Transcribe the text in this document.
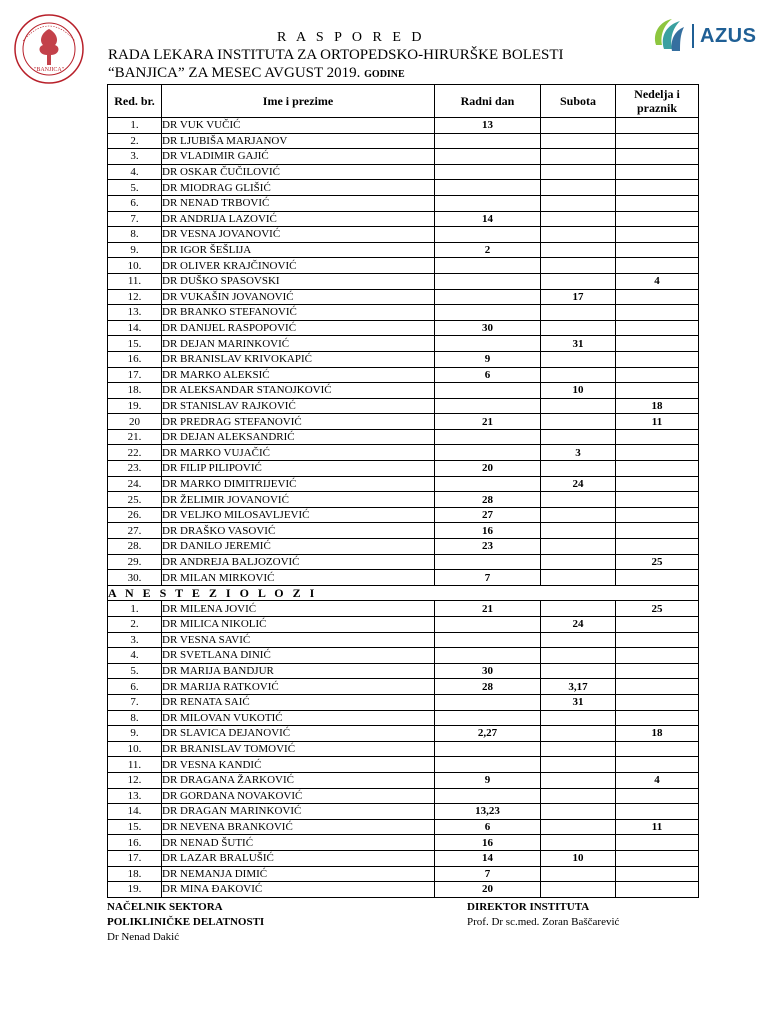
"BANJICA"
AZUS
R A S P O R E D
RADA LEKARA INSTITUTA ZA ORTOPEDSKO-HIRURŠKE BOLESTI
“BANJICA” ZA MESEC AVGUST 2019. GODINE
Red. br.	Ime i prezime	Radni dan	Subota	Nedelja i praznik
1.	DR VUK VUČIĆ	13		
2.	DR LJUBIŠA MARJANOV			
3.	DR VLADIMIR GAJIĆ			
4.	DR OSKAR ČUČILOVIĆ			
5.	DR MIODRAG GLIŠIĆ			
6.	DR NENAD TRBOVIĆ			
7.	DR ANDRIJA LAZOVIĆ	14		
8.	DR VESNA JOVANOVIĆ			
9.	DR IGOR ŠEŠLIJA	2		
10.	DR OLIVER KRAJČINOVIĆ			
11.	DR DUŠKO SPASOVSKI			4
12.	DR VUKAŠIN JOVANOVIĆ		17	
13.	DR BRANKO STEFANOVIĆ			
14.	DR DANIJEL RASPOPOVIĆ	30		
15.	DR DEJAN MARINKOVIĆ		31	
16.	DR BRANISLAV KRIVOKAPIĆ	9		
17.	DR MARKO ALEKSIĆ	6		
18.	DR ALEKSANDAR STANOJKOVIĆ		10	
19.	DR STANISLAV RAJKOVIĆ			18
20	DR PREDRAG STEFANOVIĆ	21		11
21.	DR DEJAN ALEKSANDRIĆ			
22.	DR MARKO VUJAČIĆ		3	
23.	DR FILIP PILIPOVIĆ	20		
24.	DR MARKO DIMITRIJEVIĆ		24	
25.	DR ŽELIMIR JOVANOVIĆ	28		
26.	DR VELJKO MILOSAVLJEVIĆ	27		
27.	DR DRAŠKO VASOVIĆ	16		
28.	DR DANILO JEREMIĆ	23		
29.	DR ANDREJA BALJOZOVIĆ			25
30.	DR MILAN MIRKOVIĆ	7		
A N E S T E Z I O L O Z I				
1.	DR MILENA JOVIĆ	21		25
2.	DR MILICA NIKOLIĆ		24	
3.	DR VESNA SAVIĆ			
4.	DR SVETLANA DINIĆ			
5.	DR MARIJA BANDJUR	30		
6.	DR MARIJA RATKOVIĆ	28	3,17	
7.	DR RENATA SAIĆ		31	
8.	DR MILOVAN VUKOTIĆ			
9.	DR SLAVICA DEJANOVIĆ	2,27		18
10.	DR BRANISLAV TOMOVIĆ			
11.	DR VESNA KANDIĆ			
12.	DR DRAGANA ŽARKOVIĆ	9		4
13.	DR GORDANA NOVAKOVIĆ			
14.	DR DRAGAN MARINKOVIĆ	13,23		
15.	DR NEVENA BRANKOVIĆ	6		11
16.	DR NENAD ŠUTIĆ	16		
17.	DR LAZAR BRALUŠIĆ	14	10	
18.	DR NEMANJA DIMIĆ	7		
19.	DR MINA ĐAKOVIĆ	20		
NAČELNIK SEKTORA
POLIKLINIČKE DELATNOSTI
Dr Nenad Dakić
DIREKTOR INSTITUTA
Prof. Dr sc.med. Zoran Baščarević
